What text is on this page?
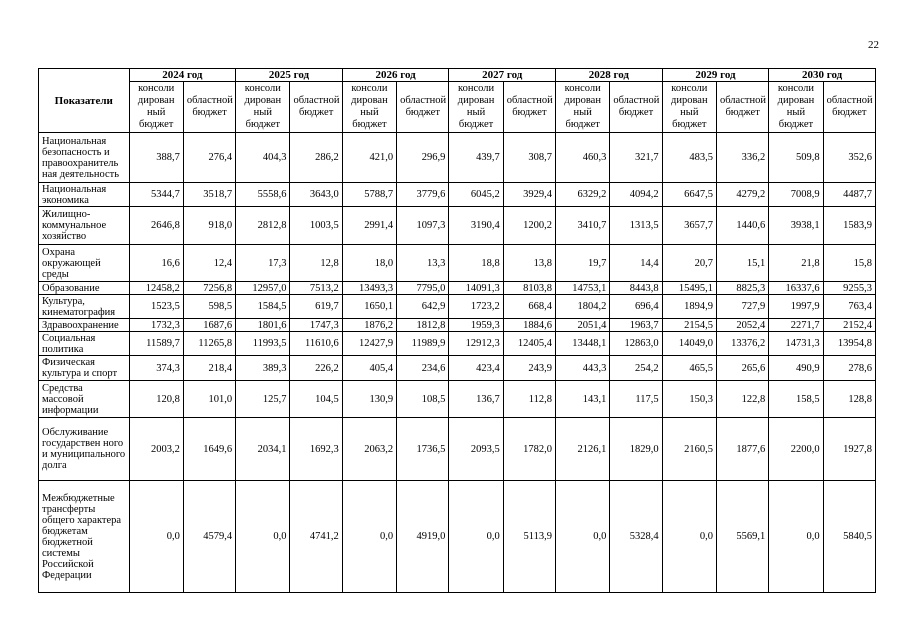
22
Показатели	2024 год		2025 год		2026 год		2027 год		2028 год		2029 год		2030 год	
	консоли дирован ный бюджет	областной бюджет	консоли дирован ный бюджет	областной бюджет	консоли дирован ный бюджет	областной бюджет	консоли дирован ный бюджет	областной бюджет	консоли дирован ный бюджет	областной бюджет	консоли дирован ный бюджет	областной бюджет	консоли дирован ный бюджет	областной бюджет
Национальная безопасность и правоохранитель ная деятельность	388,7	276,4	404,3	286,2	421,0	296,9	439,7	308,7	460,3	321,7	483,5	336,2	509,8	352,6
Национальная экономика	5344,7	3518,7	5558,6	3643,0	5788,7	3779,6	6045,2	3929,4	6329,2	4094,2	6647,5	4279,2	7008,9	4487,7
Жилищно-коммунальное хозяйство	2646,8	918,0	2812,8	1003,5	2991,4	1097,3	3190,4	1200,2	3410,7	1313,5	3657,7	1440,6	3938,1	1583,9
Охрана окружающей среды	16,6	12,4	17,3	12,8	18,0	13,3	18,8	13,8	19,7	14,4	20,7	15,1	21,8	15,8
Образование	12458,2	7256,8	12957,0	7513,2	13493,3	7795,0	14091,3	8103,8	14753,1	8443,8	15495,1	8825,3	16337,6	9255,3
Культура, кинематография	1523,5	598,5	1584,5	619,7	1650,1	642,9	1723,2	668,4	1804,2	696,4	1894,9	727,9	1997,9	763,4
Здравоохранение	1732,3	1687,6	1801,6	1747,3	1876,2	1812,8	1959,3	1884,6	2051,4	1963,7	2154,5	2052,4	2271,7	2152,4
Социальная политика	11589,7	11265,8	11993,5	11610,6	12427,9	11989,9	12912,3	12405,4	13448,1	12863,0	14049,0	13376,2	14731,3	13954,8
Физическая культура и спорт	374,3	218,4	389,3	226,2	405,4	234,6	423,4	243,9	443,3	254,2	465,5	265,6	490,9	278,6
Средства массовой информации	120,8	101,0	125,7	104,5	130,9	108,5	136,7	112,8	143,1	117,5	150,3	122,8	158,5	128,8
Обслуживание государствен ного и муниципального долга	2003,2	1649,6	2034,1	1692,3	2063,2	1736,5	2093,5	1782,0	2126,1	1829,0	2160,5	1877,6	2200,0	1927,8
Межбюджетные трансферты общего характера бюджетам бюджетной системы Российской Федерации	0,0	4579,4	0,0	4741,2	0,0	4919,0	0,0	5113,9	0,0	5328,4	0,0	5569,1	0,0	5840,5
